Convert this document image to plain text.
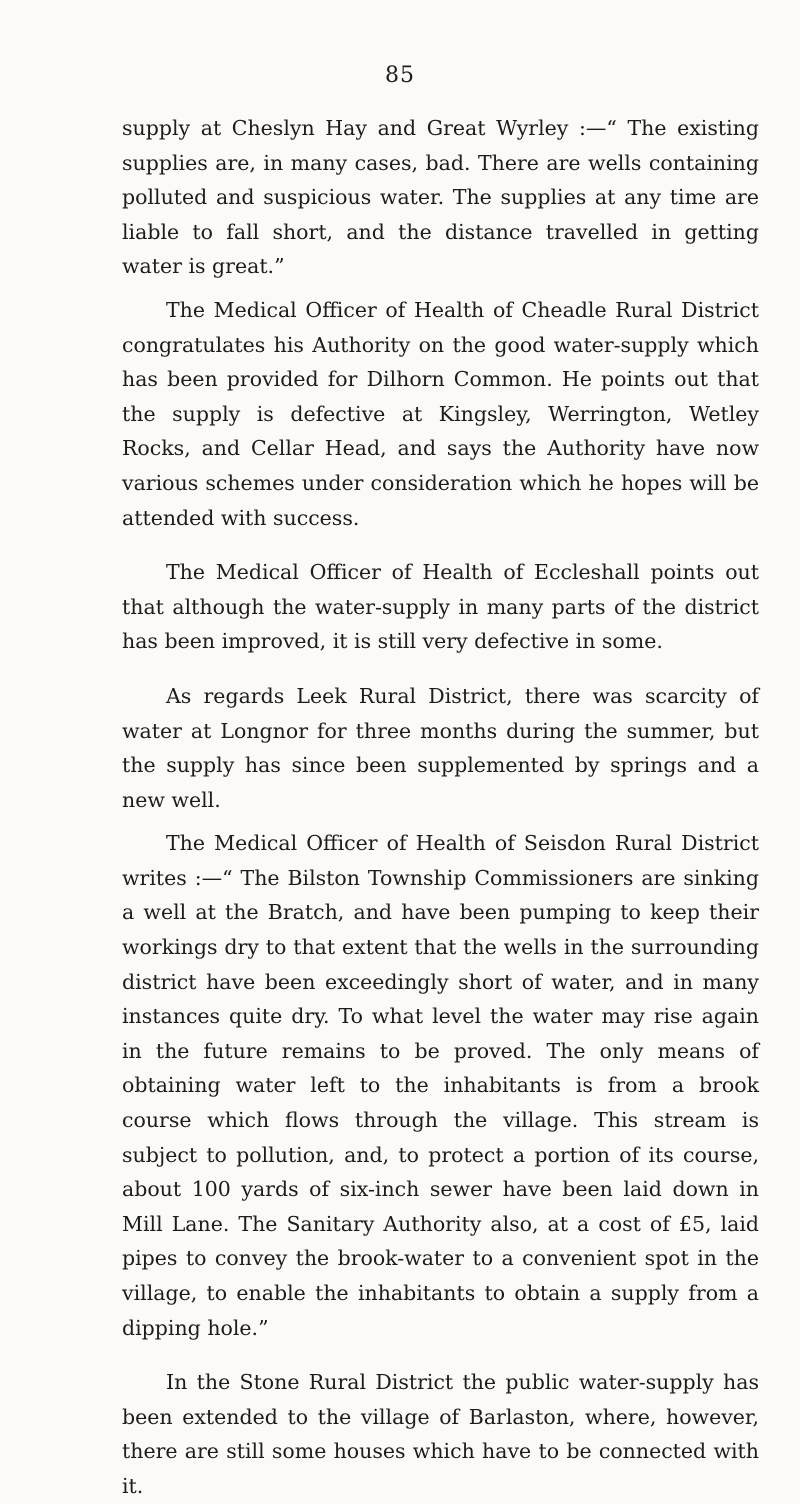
85

supply at Cheslyn Hay and Great Wyrley :—“ The existing supplies are, in many cases, bad. There are wells containing polluted and suspicious water. The supplies at any time are liable to fall short, and the distance travelled in getting water is great.”

The Medical Officer of Health of Cheadle Rural District congratulates his Authority on the good water-supply which has been provided for Dilhorn Common. He points out that the supply is defective at Kingsley, Werrington, Wetley Rocks, and Cellar Head, and says the Authority have now various schemes under consideration which he hopes will be attended with success.

The Medical Officer of Health of Eccleshall points out that although the water-supply in many parts of the district has been improved, it is still very defective in some.

As regards Leek Rural District, there was scarcity of water at Longnor for three months during the summer, but the supply has since been supplemented by springs and a new well.

The Medical Officer of Health of Seisdon Rural District writes :—“ The Bilston Township Commissioners are sinking a well at the Bratch, and have been pumping to keep their workings dry to that extent that the wells in the surrounding district have been exceedingly short of water, and in many instances quite dry. To what level the water may rise again in the future remains to be proved. The only means of obtaining water left to the inhabitants is from a brook course which flows through the village. This stream is subject to pollution, and, to protect a portion of its course, about 100 yards of six-inch sewer have been laid down in Mill Lane. The Sanitary Authority also, at a cost of £5, laid pipes to convey the brook-water to a convenient spot in the village, to enable the inhabitants to obtain a supply from a dipping hole.”

In the Stone Rural District the public water-supply has been extended to the village of Barlaston, where, however, there are still some houses which have to be connected with it.
